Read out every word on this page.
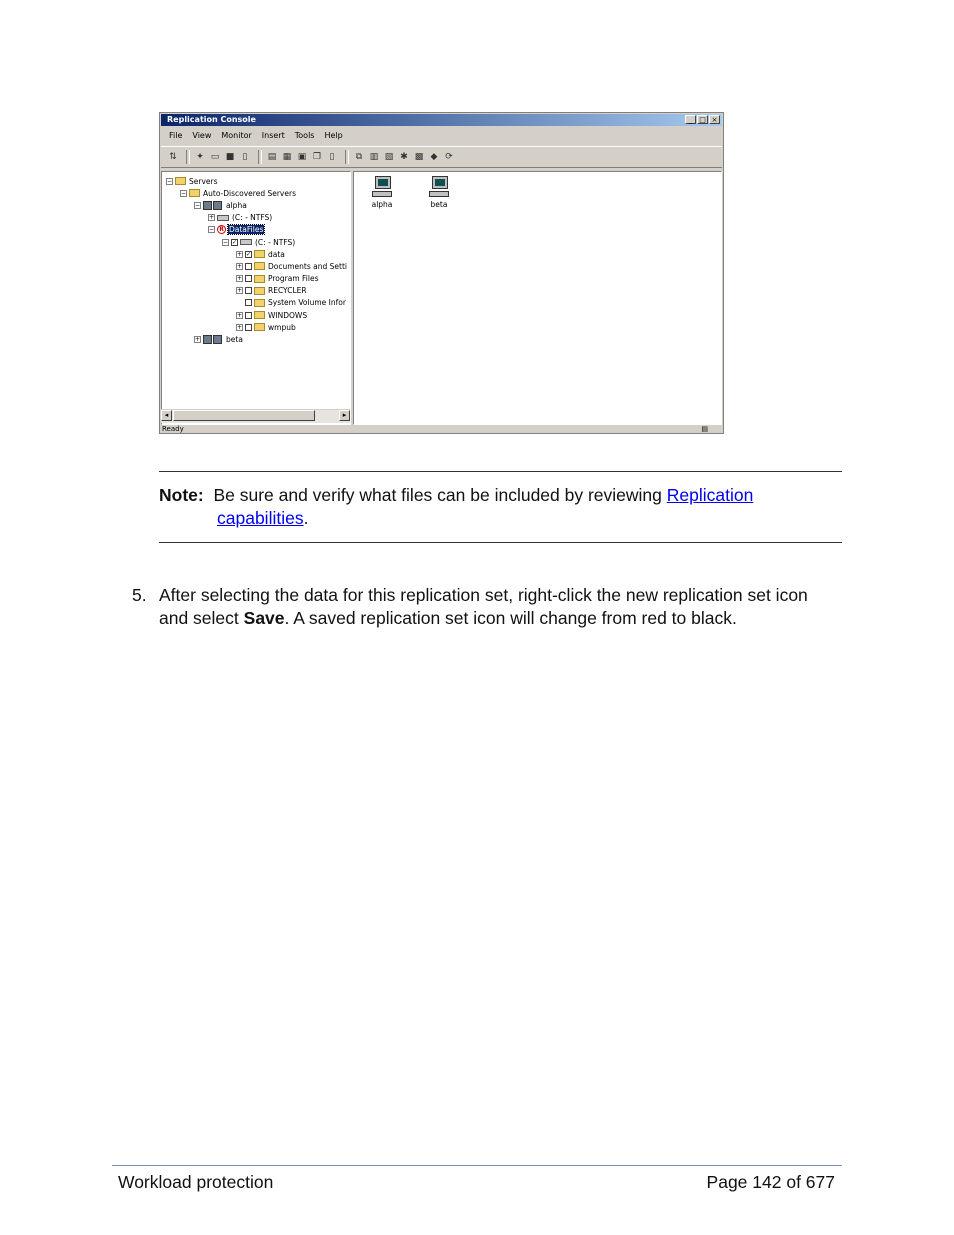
Replication Console	_ □ ×
File View Monitor Insert Tools Help
⇅ ✦ ▭ ■ ▯	▤ ▦ ▣ ❐ ▯	⧉ ▥ ▧ ✱ ▩ ◆ ⟳
− Servers
− Auto-Discovered Servers
−	alpha
+ (C: - NTFS)
− R DataFiles
− ✓ (C: - NTFS)
+ ✓ data
+	Documents and Setti
+	Program Files
+	RECYCLER
System Volume Infor
+	WINDOWS
+	wmpub
+	beta
◂	▸
alpha	beta
Ready	▤
Note: Be sure and verify what files can be included by reviewing Replication
capabilities.
5. After selecting the data for this replication set, right-click the new replication set icon and select Save. A saved replication set icon will change from red to black.
Workload protection	Page 142 of 677
